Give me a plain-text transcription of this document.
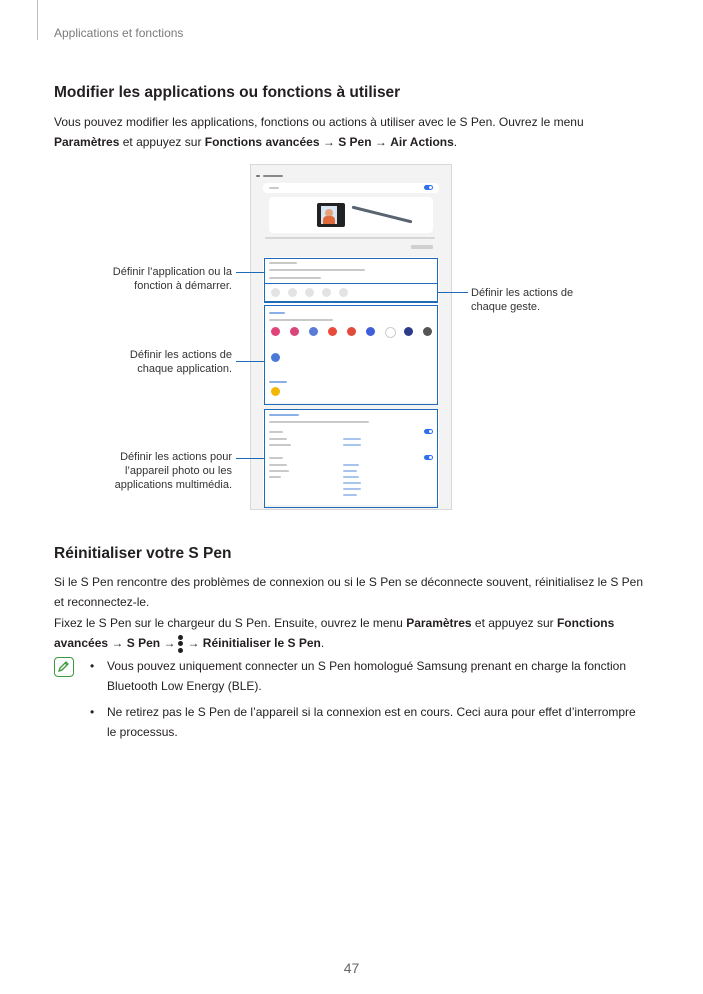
Applications et fonctions
Modifier les applications ou fonctions à utiliser
Vous pouvez modifier les applications, fonctions ou actions à utiliser avec le S Pen. Ouvrez le menu
Paramètres et appuyez sur Fonctions avancées → S Pen → Air Actions.
Définir l’application ou la
fonction à démarrer.
Définir les actions de
chaque geste.
Définir les actions de
chaque application.
Définir les actions pour
l’appareil photo ou les
applications multimédia.
Réinitialiser votre S Pen
Si le S Pen rencontre des problèmes de connexion ou si le S Pen se déconnecte souvent, réinitialisez le S Pen
et reconnectez-le.
Fixez le S Pen sur le chargeur du S Pen. Ensuite, ouvrez le menu Paramètres et appuyez sur Fonctions
avancées → S Pen → → Réinitialiser le S Pen.
• Vous pouvez uniquement connecter un S Pen homologué Samsung prenant en charge la fonction
Bluetooth Low Energy (BLE).
• Ne retirez pas le S Pen de l’appareil si la connexion est en cours. Ceci aura pour effet d’interrompre
le processus.
47
